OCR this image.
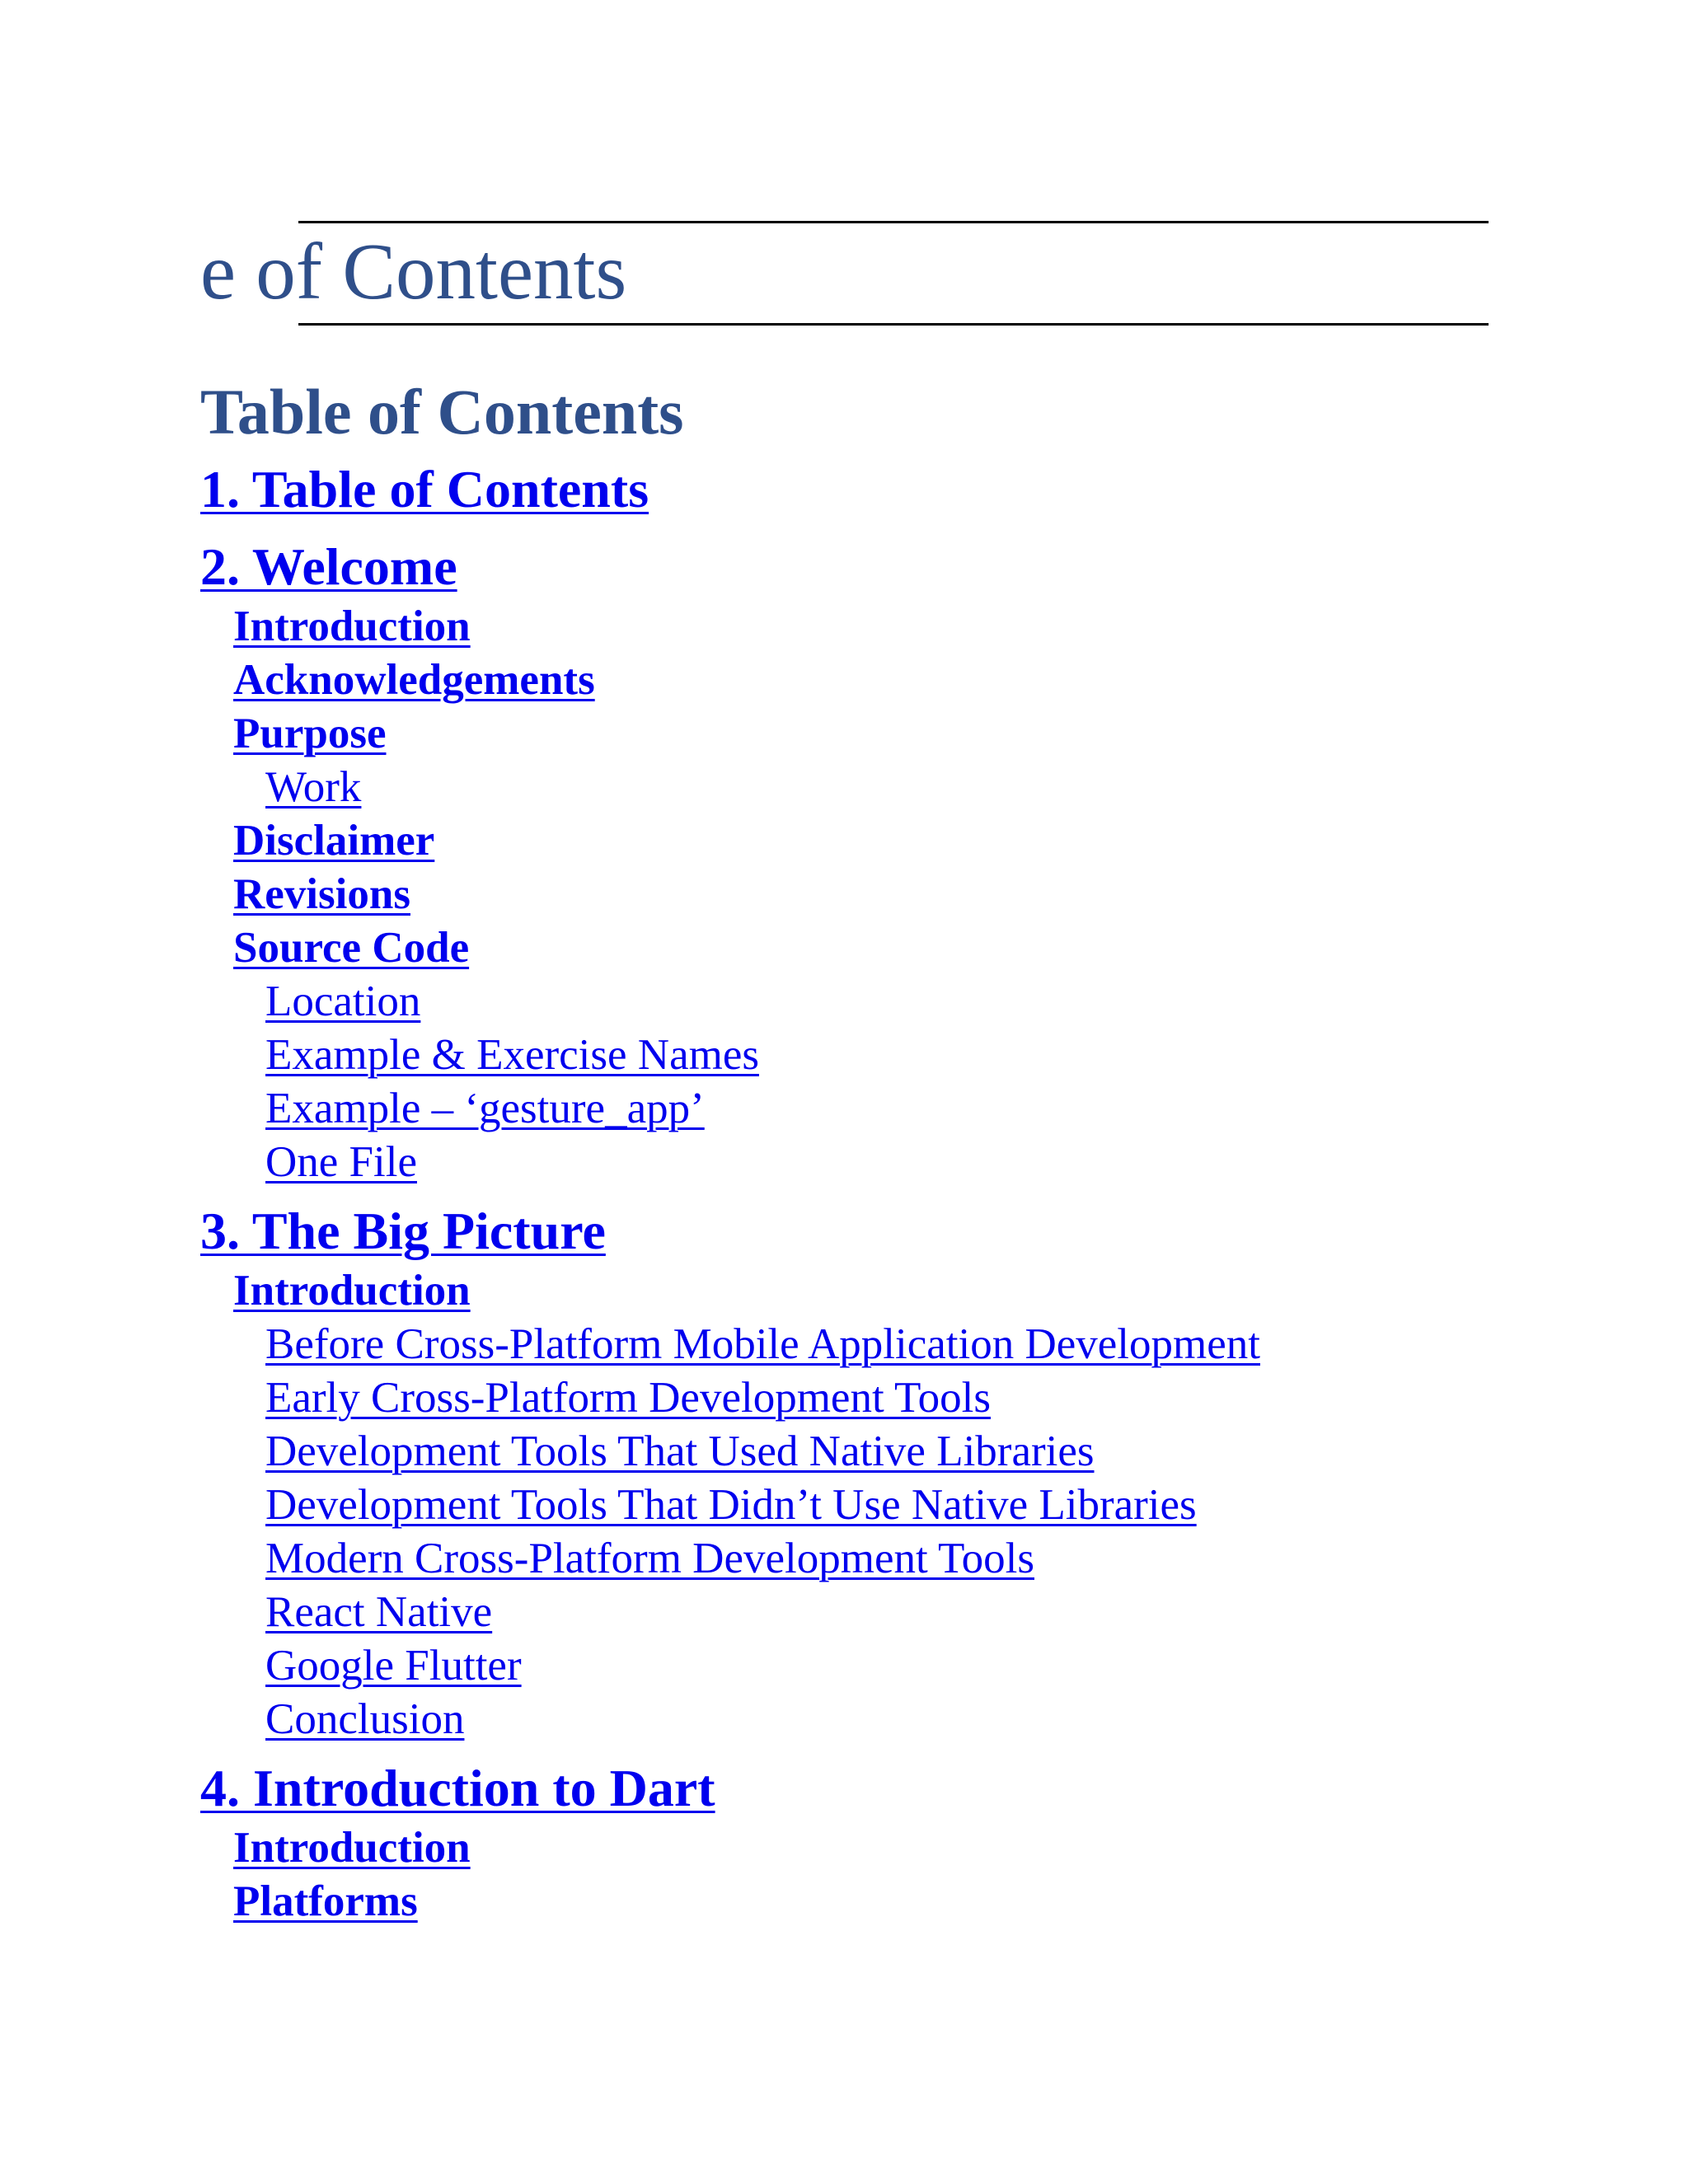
e of Contents
Table of Contents
1. Table of Contents
2. Welcome
Introduction
Acknowledgements
Purpose
Work
Disclaimer
Revisions
Source Code
Location
Example & Exercise Names
Example – ‘gesture_app’
One File
3. The Big Picture
Introduction
Before Cross-Platform Mobile Application Development
Early Cross-Platform Development Tools
Development Tools That Used Native Libraries
Development Tools That Didn’t Use Native Libraries
Modern Cross-Platform Development Tools
React Native
Google Flutter
Conclusion
4. Introduction to Dart
Introduction
Platforms
